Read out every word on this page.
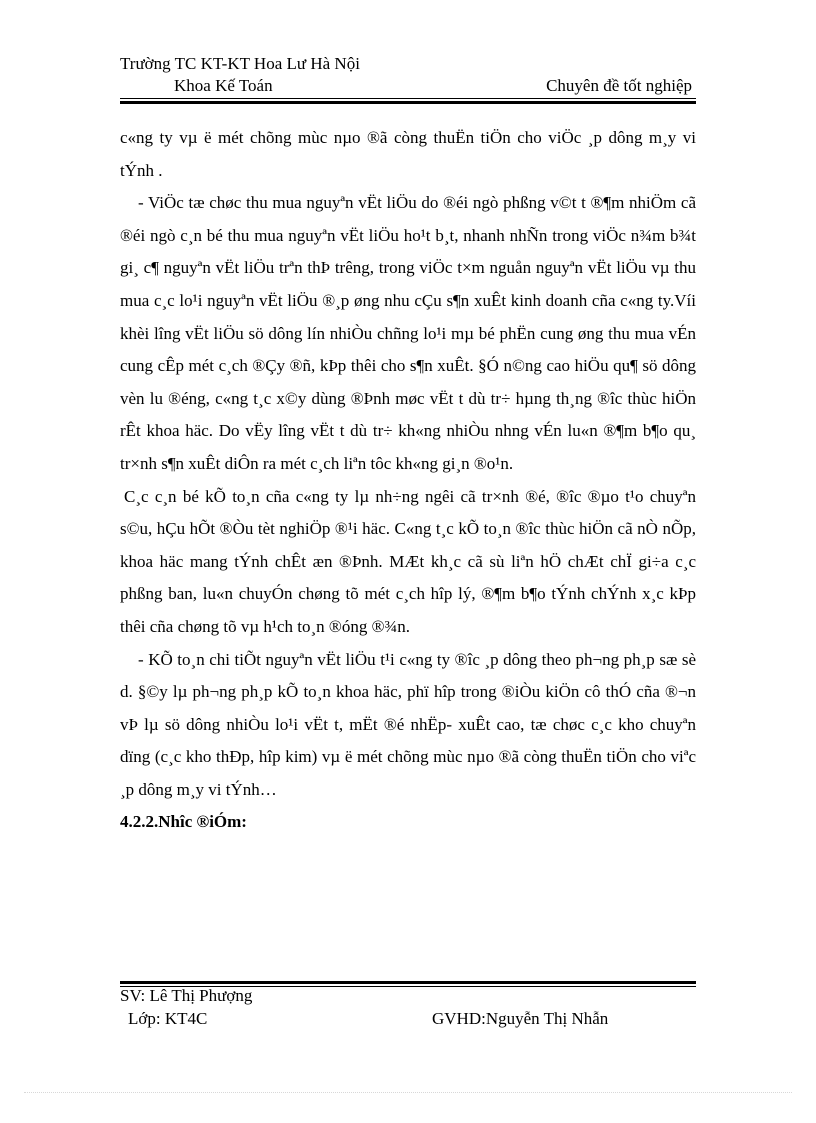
Trường TC KT-KT Hoa Lư Hà Nội
Khoa Kế Toán	Chuyên đề tốt nghiệp

c«ng ty vµ ë mét chõng mùc nµo ®ã còng thuËn tiÖn cho viÖc ¸p dông m¸y vi tÝnh .

- ViÖc tæ chøc thu mua nguyªn vËt liÖu do ®éi ngò phßng v©t t ®¶m nhiÖm cã ®éi ngò c¸n bé thu mua nguyªn vËt liÖu ho¹t b¸t, nhanh nhÑn trong viÖc n¾m b¾t gi¸ c¶ nguyªn vËt liÖu trªn thÞ trêng, trong viÖc t×m nguån nguyªn vËt liÖu vµ thu mua c¸c lo¹i nguyªn vËt liÖu ®¸p øng nhu cÇu s¶n xuÊt kinh doanh cña c«ng ty.Víi khèi lîng vËt liÖu sö dông lín nhiÒu chñng lo¹i mµ bé phËn cung øng thu mua vÉn cung cÊp mét c¸ch ®Çy ®ñ, kÞp thêi cho s¶n xuÊt. §Ó n©ng cao hiÖu qu¶ sö dông vèn lu ®éng, c«ng t¸c x©y dùng ®Þnh møc vËt t dù tr÷ hµng th¸ng ®îc thùc hiÖn rÊt khoa häc. Do vËy lîng vËt t dù tr÷ kh«ng nhiÒu nhng vÉn lu«n ®¶m b¶o qu¸ tr×nh s¶n xuÊt diÔn ra mét c¸ch liªn tôc kh«ng gi¸n ®o¹n.

C¸c c¸n bé kÕ to¸n cña c«ng ty lµ nh÷ng ngêi cã tr×nh ®é, ®îc ®µo t¹o chuyªn s©u, hÇu hÕt ®Òu tèt nghiÖp ®¹i häc. C«ng t¸c kÕ to¸n ®îc thùc hiÖn cã nÒ nÕp, khoa häc mang tÝnh chÊt æn ®Þnh. MÆt kh¸c cã sù liªn hÖ chÆt chÏ gi÷a c¸c phßng ban, lu«n chuyÓn chøng tõ mét c¸ch hîp lý, ®¶m b¶o tÝnh chÝnh x¸c kÞp thêi cña chøng tõ vµ h¹ch to¸n ®óng ®¾n.

- KÕ to¸n chi tiÕt nguyªn vËt liÖu t¹i c«ng ty ®îc ¸p dông theo ph¬ng ph¸p sæ sè d. §©y lµ ph¬ng ph¸p kÕ to¸n khoa häc, phï hîp trong ®iÒu kiÖn cô thÓ cña ®¬n vÞ lµ sö dông nhiÒu lo¹i vËt t, mËt ®é nhËp- xuÊt cao, tæ chøc c¸c kho chuyªn dïng (c¸c kho thÐp, hîp kim) vµ ë mét chõng mùc nµo ®ã còng thuËn tiÖn cho viªc ¸p dông m¸y vi tÝnh…

4.2.2.Nhîc ®iÓm:

SV: Lê Thị Phượng
Lớp: KT4C	GVHD:Nguyễn Thị Nhẫn
